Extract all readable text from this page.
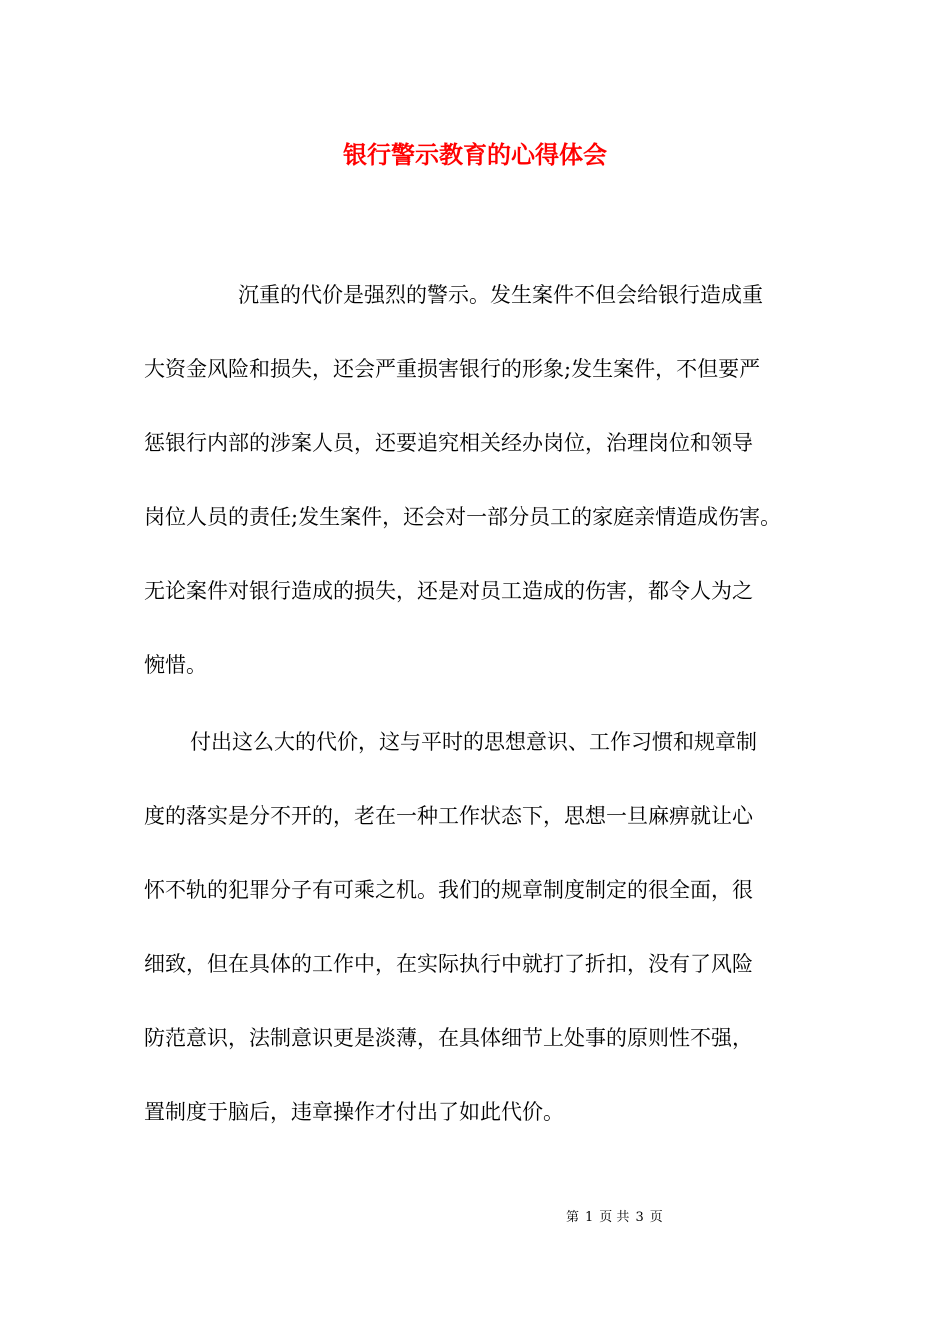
银行警示教育的心得体会
沉重的代价是强烈的警示。发生案件不但会给银行造成重
大资金风险和损失，还会严重损害银行的形象;发生案件，不但要严
惩银行内部的涉案人员，还要追究相关经办岗位，治理岗位和领导
岗位人员的责任;发生案件，还会对一部分员工的家庭亲情造成伤害。
无论案件对银行造成的损失，还是对员工造成的伤害，都令人为之
惋惜。
付出这么大的代价，这与平时的思想意识、工作习惯和规章制
度的落实是分不开的，老在一种工作状态下，思想一旦麻痹就让心
怀不轨的犯罪分子有可乘之机。我们的规章制度制定的很全面，很
细致，但在具体的工作中，在实际执行中就打了折扣，没有了风险
防范意识，法制意识更是淡薄，在具体细节上处事的原则性不强，
置制度于脑后，违章操作才付出了如此代价。
第 1 页 共 3 页
